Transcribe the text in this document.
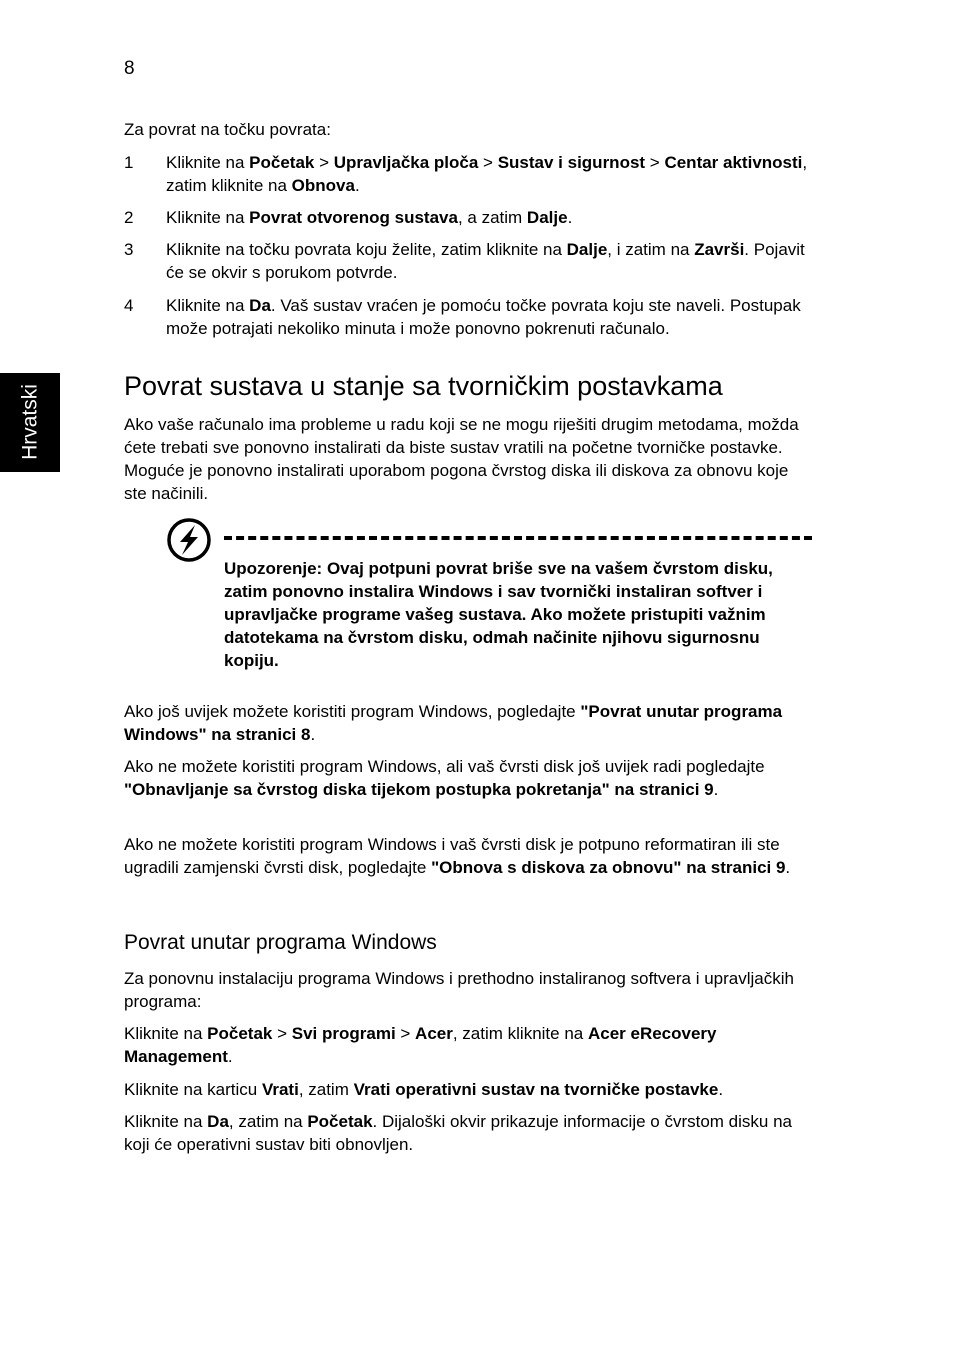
8
Hrvatski
Za povrat na točku povrata:
1	Kliknite na Početak > Upravljačka ploča > Sustav i sigurnost > Centar aktivnosti, zatim kliknite na Obnova.
2	Kliknite na Povrat otvorenog sustava, a zatim Dalje.
3	Kliknite na točku povrata koju želite, zatim kliknite na Dalje, i zatim na Završi. Pojavit će se okvir s porukom potvrde.
4	Kliknite na Da. Vaš sustav vraćen je pomoću točke povrata koju ste naveli. Postupak može potrajati nekoliko minuta i može ponovno pokrenuti računalo.
Povrat sustava u stanje sa tvorničkim postavkama
Ako vaše računalo ima probleme u radu koji se ne mogu riješiti drugim metodama, možda ćete trebati sve ponovno instalirati da biste sustav vratili na početne tvorničke postavke. Moguće je ponovno instalirati uporabom pogona čvrstog diska ili diskova za obnovu koje ste načinili.
Upozorenje: Ovaj potpuni povrat briše sve na vašem čvrstom disku, zatim ponovno instalira Windows i sav tvornički instaliran softver i upravljačke programe vašeg sustava. Ako možete pristupiti važnim datotekama na čvrstom disku, odmah načinite njihovu sigurnosnu kopiju.
Ako još uvijek možete koristiti program Windows, pogledajte "Povrat unutar programa Windows" na stranici 8.
Ako ne možete koristiti program Windows, ali vaš čvrsti disk još uvijek radi pogledajte "Obnavljanje sa čvrstog diska tijekom postupka pokretanja" na stranici 9.
Ako ne možete koristiti program Windows i vaš čvrsti disk je potpuno reformatiran ili ste ugradili zamjenski čvrsti disk, pogledajte "Obnova s diskova za obnovu" na stranici 9.
Povrat unutar programa Windows
Za ponovnu instalaciju programa Windows i prethodno instaliranog softvera i upravljačkih programa:
Kliknite na Početak > Svi programi > Acer, zatim kliknite na Acer eRecovery Management.
Kliknite na karticu Vrati, zatim Vrati operativni sustav na tvorničke postavke.
Kliknite na Da, zatim na Početak. Dijaloški okvir prikazuje informacije o čvrstom disku na koji će operativni sustav biti obnovljen.
